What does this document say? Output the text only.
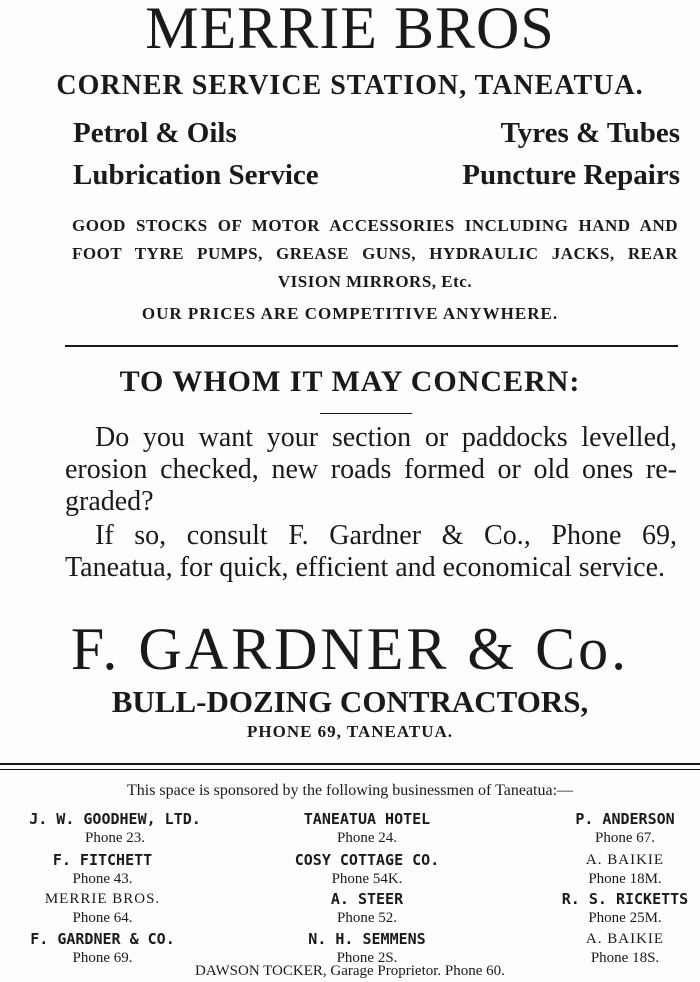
MERRIE BROS
CORNER SERVICE STATION, TANEATUA.
Petrol & Oils	Tyres & Tubes
Lubrication Service	Puncture Repairs
GOOD STOCKS OF MOTOR ACCESSORIES INCLUDING HAND AND FOOT TYRE PUMPS, GREASE GUNS, HYDRAULIC JACKS, REAR VISION MIRRORS, Etc.
OUR PRICES ARE COMPETITIVE ANYWHERE.
TO WHOM IT MAY CONCERN:
Do you want your section or paddocks levelled, erosion checked, new roads formed or old ones re-graded?
If so, consult F. Gardner & Co., Phone 69, Taneatua, for quick, efficient and economical service.
F. GARDNER & Co.
BULL-DOZING CONTRACTORS,
PHONE 69, TANEATUA.
This space is sponsored by the following businessmen of Taneatua:—
J. W. GOODHEW, LTD.
Phone 23.
F. FITCHETT
Phone 43.
MERRIE BROS.
Phone 64.
F. GARDNER & CO.
Phone 69.
TANEATUA HOTEL
Phone 24.
COSY COTTAGE CO.
Phone 54K.
A. STEER
Phone 52.
N. H. SEMMENS
Phone 2S.
P. ANDERSON
Phone 67.
A. BAIKIE
Phone 18M.
R. S. RICKETTS
Phone 25M.
A. BAIKIE
Phone 18S.
DAWSON TOCKER, Garage Proprietor. Phone 60.
